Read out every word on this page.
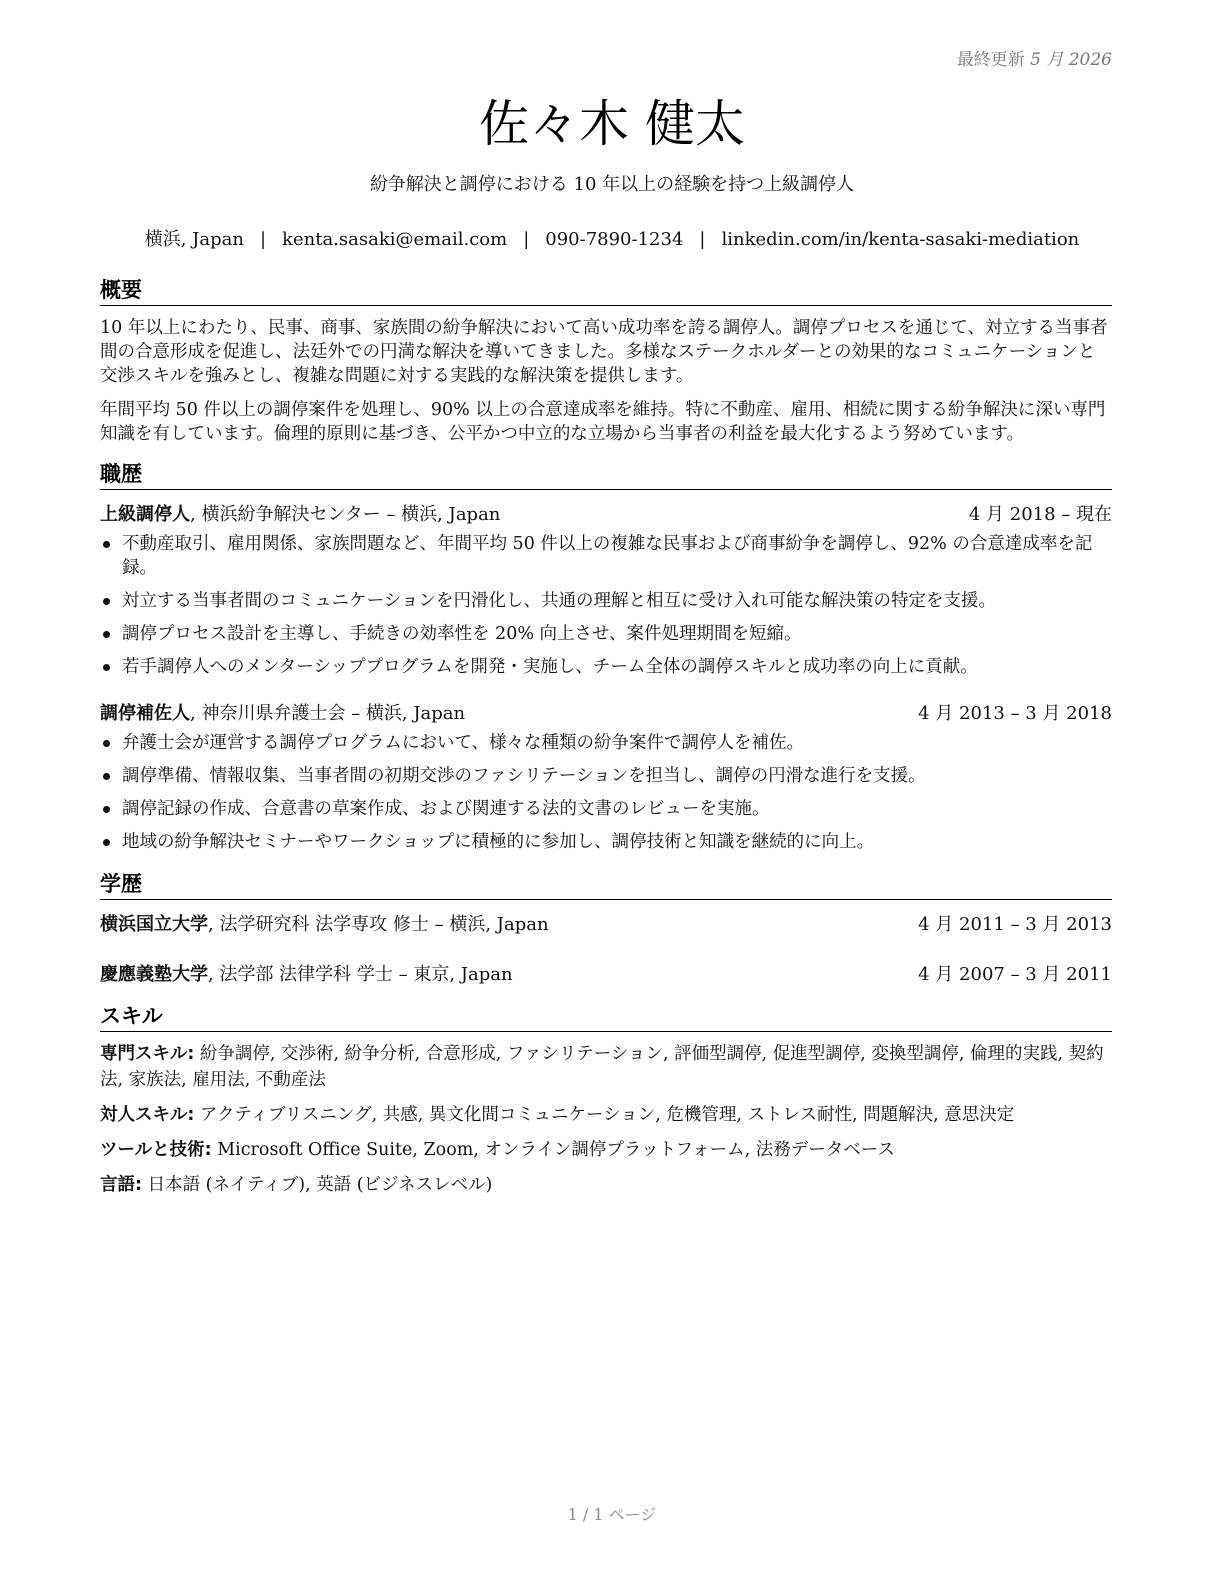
最終更新 5 月 2026
佐々木 健太
紛争解決と調停における 10 年以上の経験を持つ上級調停人
横浜, Japan | kenta.sasaki@email.com | 090-7890-1234 | linkedin.com/in/kenta-sasaki-mediation
概要

10 年以上にわたり、民事、商事、家族間の紛争解決において高い成功率を誇る調停人。調停プロセスを通じて、対立する当事者間の合意形成を促進し、法廷外での円満な解決を導いてきました。多様なステークホルダーとの効果的なコミュニケーションと交渉スキルを強みとし、複雑な問題に対する実践的な解決策を提供します。

年間平均 50 件以上の調停案件を処理し、90% 以上の合意達成率を維持。特に不動産、雇用、相続に関する紛争解決に深い専門知識を有しています。倫理的原則に基づき、公平かつ中立的な立場から当事者の利益を最大化するよう努めています。

職歴
上級調停人, 横浜紛争解決センター – 横浜, Japan	4 月 2018 – 現在
不動産取引、雇用関係、家族問題など、年間平均 50 件以上の複雑な民事および商事紛争を調停し、92% の合意達成率を記録。
対立する当事者間のコミュニケーションを円滑化し、共通の理解と相互に受け入れ可能な解決策の特定を支援。
調停プロセス設計を主導し、手続きの効率性を 20% 向上させ、案件処理期間を短縮。
若手調停人へのメンターシッププログラムを開発・実施し、チーム全体の調停スキルと成功率の向上に貢献。
調停補佐人, 神奈川県弁護士会 – 横浜, Japan	4 月 2013 – 3 月 2018
弁護士会が運営する調停プログラムにおいて、様々な種類の紛争案件で調停人を補佐。
調停準備、情報収集、当事者間の初期交渉のファシリテーションを担当し、調停の円滑な進行を支援。
調停記録の作成、合意書の草案作成、および関連する法的文書のレビューを実施。
地域の紛争解決セミナーやワークショップに積極的に参加し、調停技術と知識を継続的に向上。
学歴
横浜国立大学, 法学研究科 法学専攻 修士 – 横浜, Japan	4 月 2011 – 3 月 2013
慶應義塾大学, 法学部 法律学科 学士 – 東京, Japan	4 月 2007 – 3 月 2011
スキル
専門スキル: 紛争調停, 交渉術, 紛争分析, 合意形成, ファシリテーション, 評価型調停, 促進型調停, 変換型調停, 倫理的実践, 契約法, 家族法, 雇用法, 不動産法
対人スキル: アクティブリスニング, 共感, 異文化間コミュニケーション, 危機管理, ストレス耐性, 問題解決, 意思決定
ツールと技術: Microsoft Office Suite, Zoom, オンライン調停プラットフォーム, 法務データベース
言語: 日本語 (ネイティブ), 英語 (ビジネスレベル)
1 / 1 ページ
